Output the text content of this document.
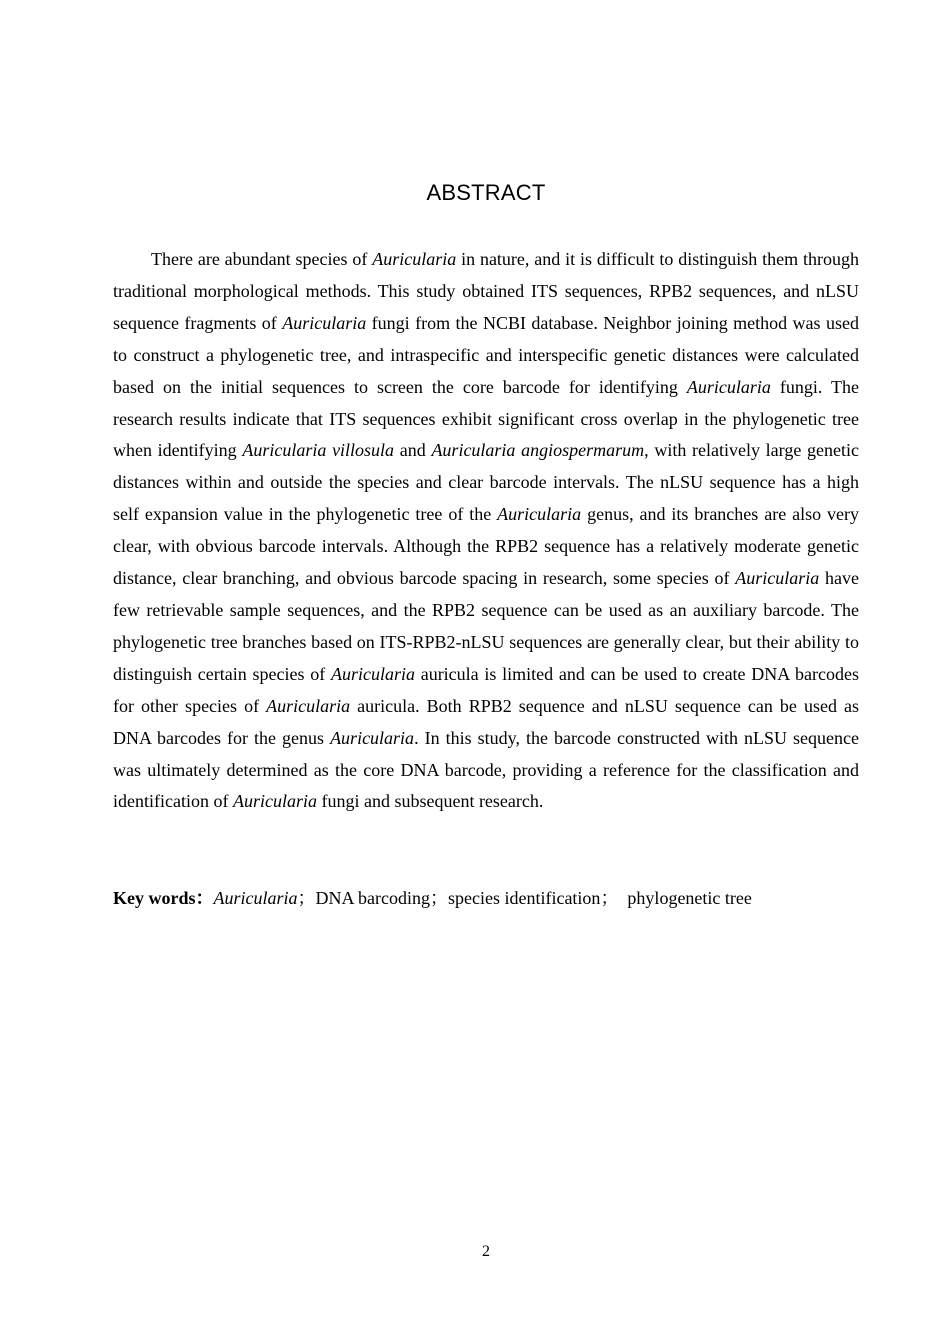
ABSTRACT

There are abundant species of Auricularia in nature, and it is difficult to distinguish them through traditional morphological methods. This study obtained ITS sequences, RPB2 sequences, and nLSU sequence fragments of Auricularia fungi from the NCBI database. Neighbor joining method was used to construct a phylogenetic tree, and intraspecific and interspecific genetic distances were calculated based on the initial sequences to screen the core barcode for identifying Auricularia fungi. The research results indicate that ITS sequences exhibit significant cross overlap in the phylogenetic tree when identifying Auricularia villosula and Auricularia angiospermarum, with relatively large genetic distances within and outside the species and clear barcode intervals. The nLSU sequence has a high self expansion value in the phylogenetic tree of the Auricularia genus, and its branches are also very clear, with obvious barcode intervals. Although the RPB2 sequence has a relatively moderate genetic distance, clear branching, and obvious barcode spacing in research, some species of Auricularia have few retrievable sample sequences, and the RPB2 sequence can be used as an auxiliary barcode. The phylogenetic tree branches based on ITS-RPB2-nLSU sequences are generally clear, but their ability to distinguish certain species of Auricularia auricula is limited and can be used to create DNA barcodes for other species of Auricularia auricula. Both RPB2 sequence and nLSU sequence can be used as DNA barcodes for the genus Auricularia. In this study, the barcode constructed with nLSU sequence was ultimately determined as the core DNA barcode, providing a reference for the classification and identification of Auricularia fungi and subsequent research.

Key words：Auricularia；DNA barcoding；species identification；　phylogenetic tree

2
